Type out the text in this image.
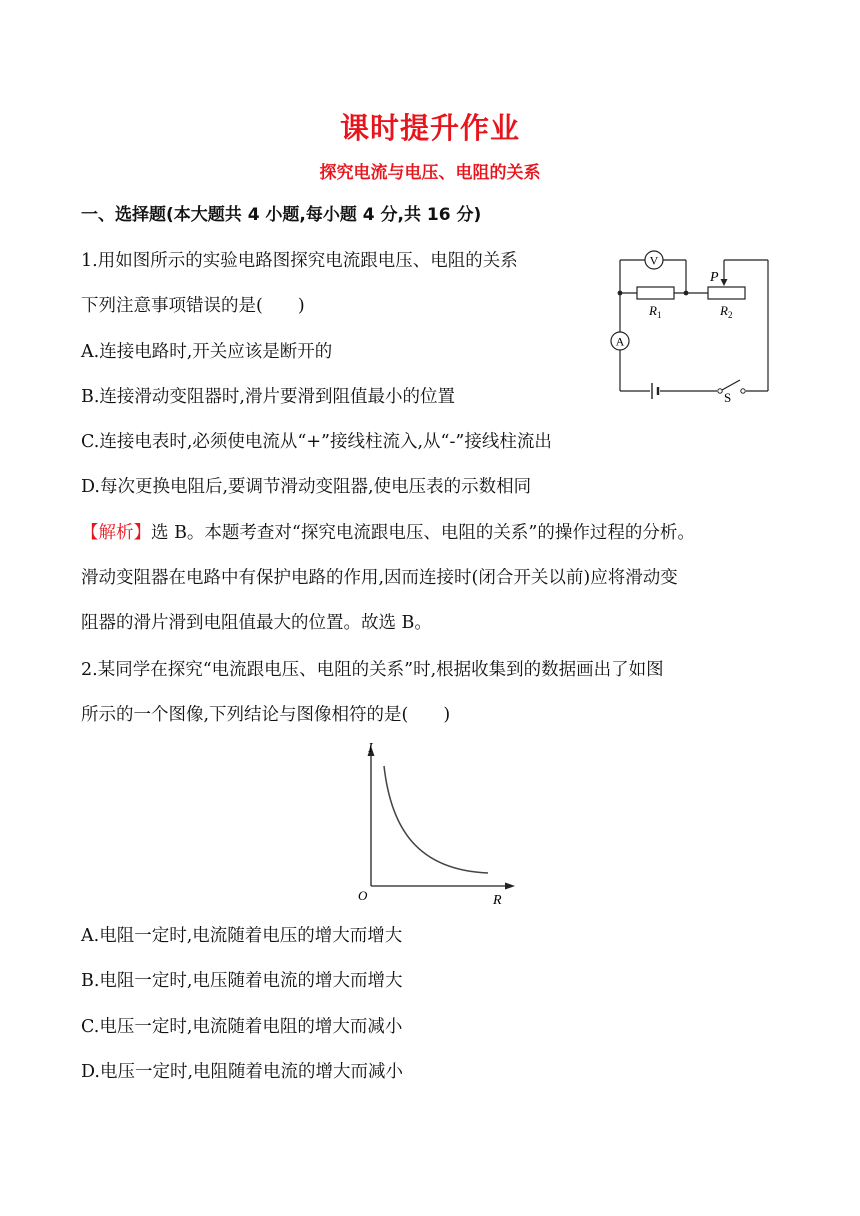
课时提升作业
探究电流与电压、电阻的关系
一、选择题(本大题共 4 小题,每小题 4 分,共 16 分)
1.用如图所示的实验电路图探究电流跟电压、电阻的关系
下列注意事项错误的是(　　)
A.连接电路时,开关应该是断开的
B.连接滑动变阻器时,滑片要滑到阻值最小的位置
C.连接电表时,必须使电流从“+”接线柱流入,从“-”接线柱流出
D.每次更换电阻后,要调节滑动变阻器,使电压表的示数相同
【解析】选 B。本题考查对“探究电流跟电压、电阻的关系”的操作过程的分析。
滑动变阻器在电路中有保护电路的作用,因而连接时(闭合开关以前)应将滑动变
阻器的滑片滑到电阻值最大的位置。故选 B。
V
P
$R_1$	$R_2$
A
S
2.某同学在探究“电流跟电压、电阻的关系”时,根据收集到的数据画出了如图
所示的一个图像,下列结论与图像相符的是(　　)
I
R
O
A.电阻一定时,电流随着电压的增大而增大
B.电阻一定时,电压随着电流的增大而增大
C.电压一定时,电流随着电阻的增大而减小
D.电压一定时,电阻随着电流的增大而减小
